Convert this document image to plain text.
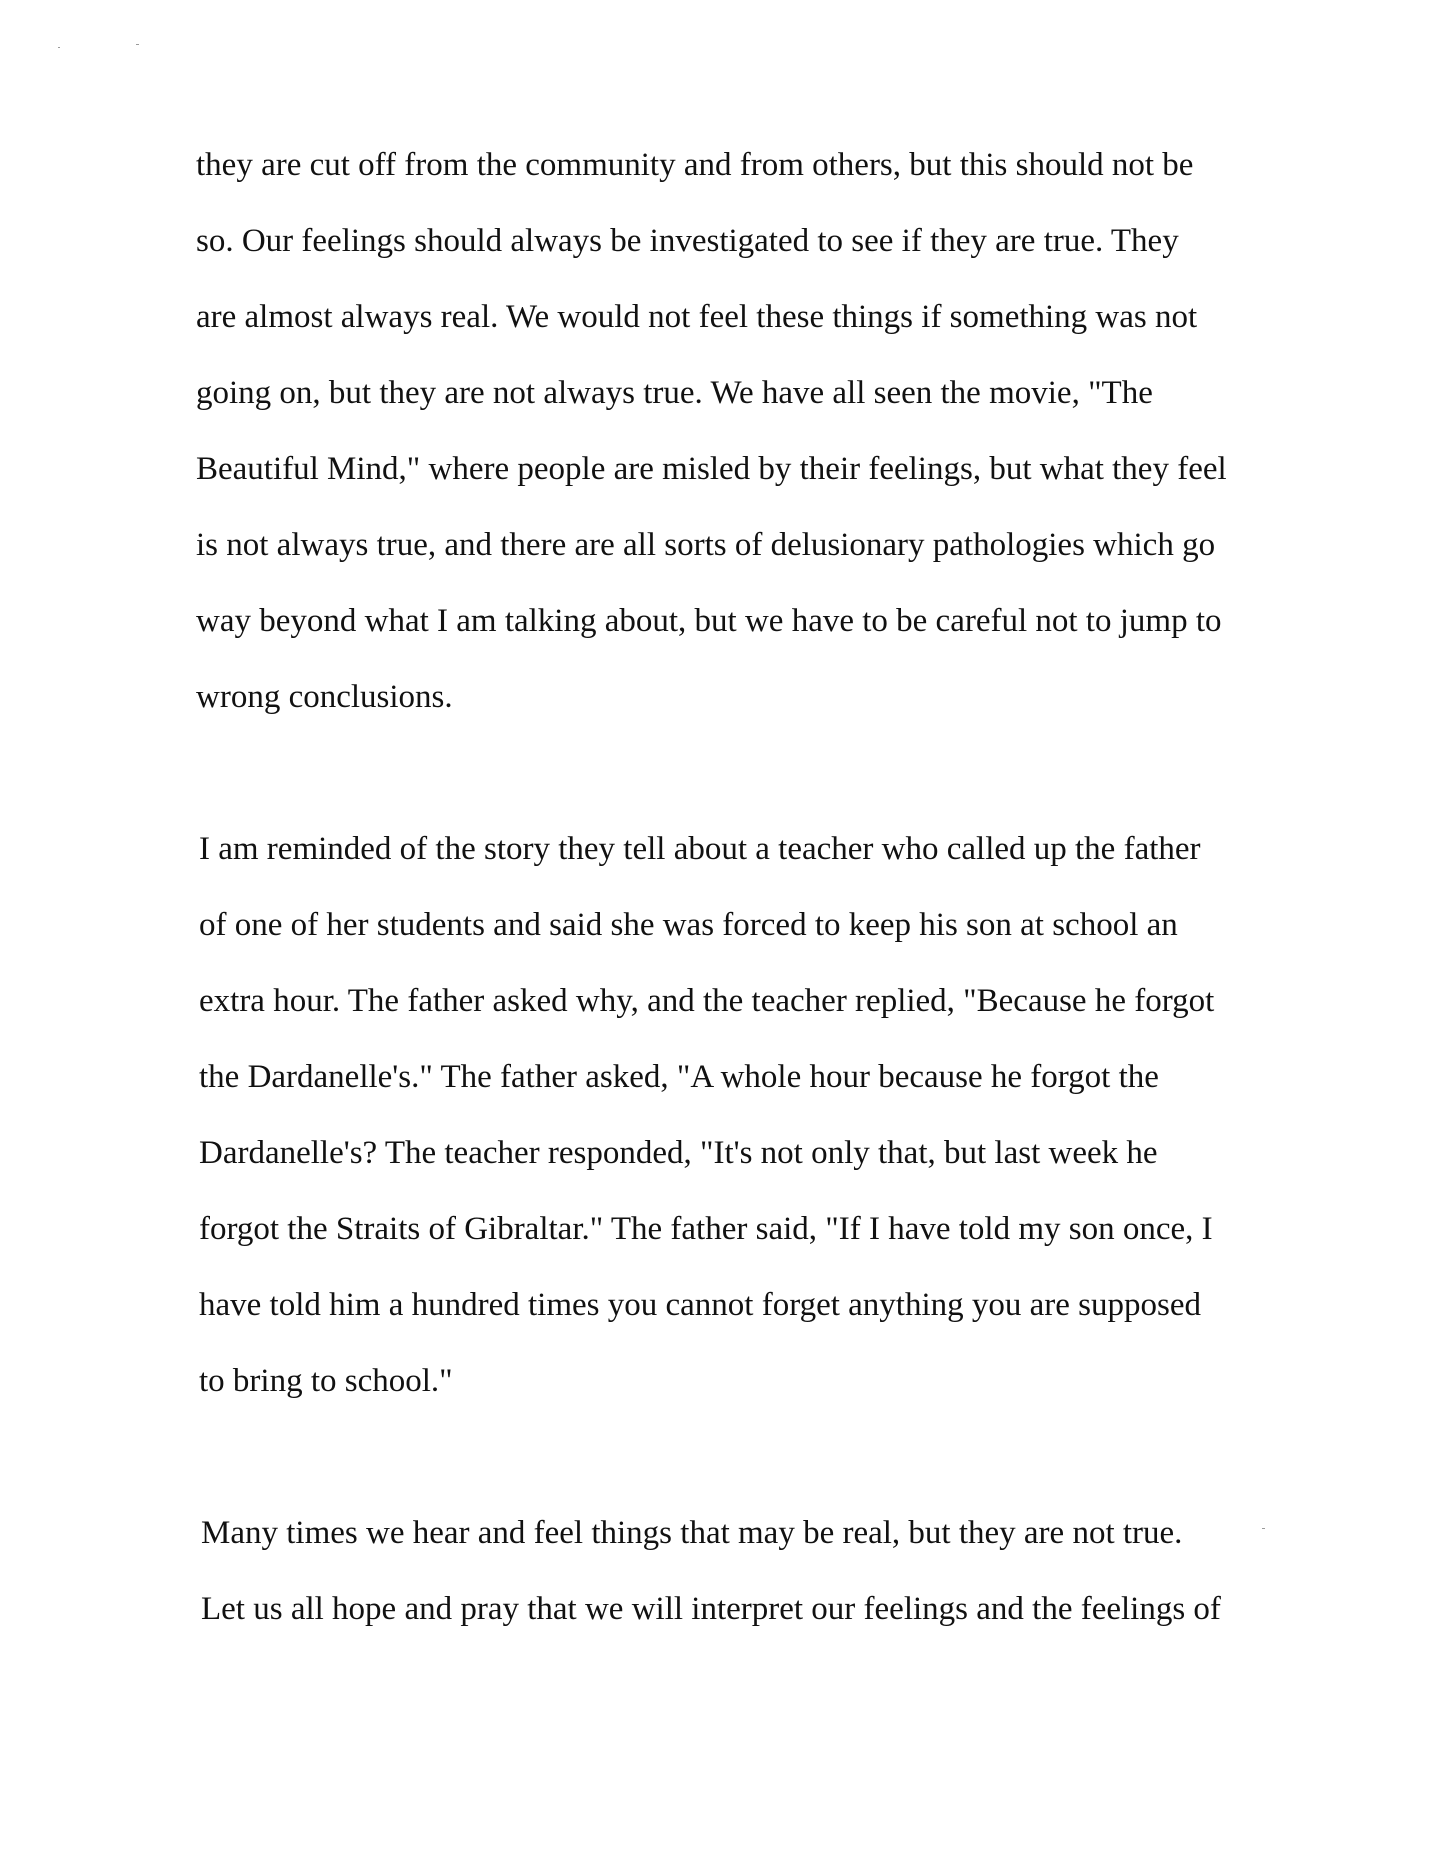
they are cut off from the community and from others, but this should not be

so. Our feelings should always be investigated to see if they are true. They

are almost always real. We would not feel these things if something was not

going on, but they are not always true. We have all seen the movie, "The

Beautiful Mind," where people are misled by their feelings, but what they feel

is not always true, and there are all sorts of delusionary pathologies which go

way beyond what I am talking about, but we have to be careful not to jump to

wrong conclusions.

I am reminded of the story they tell about a teacher who called up the father

of one of her students and said she was forced to keep his son at school an

extra hour. The father asked why, and the teacher replied, "Because he forgot

the Dardanelle's." The father asked, "A whole hour because he forgot the

Dardanelle's? The teacher responded, "It's not only that, but last week he

forgot the Straits of Gibraltar." The father said, "If I have told my son once, I

have told him a hundred times you cannot forget anything you are supposed

to bring to school."

Many times we hear and feel things that may be real, but they are not true.

Let us all hope and pray that we will interpret our feelings and the feelings of
